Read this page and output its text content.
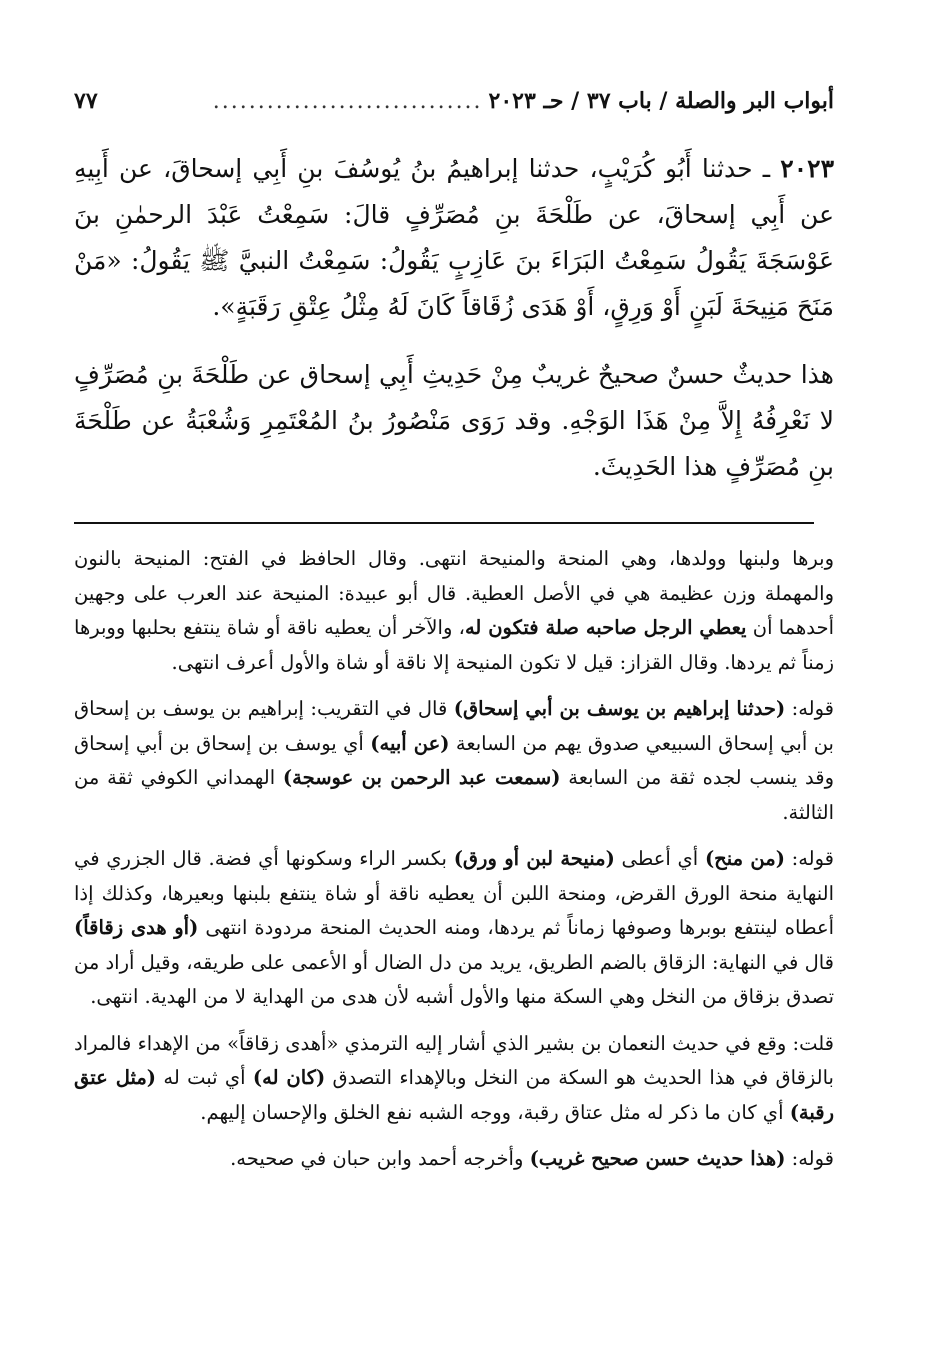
أبواب البر والصلة / باب ٣٧ / حـ ٢٠٢٣
..............................
٧٧

٢٠٢٣ ـ حدثنا أَبُو كُرَيْبٍ، حدثنا إبراهيمُ بنُ يُوسُفَ بنِ أَبِي إسحاقَ، عن أَبِيهِ عن أَبِي إسحاقَ، عن طَلْحَةَ بنِ مُصَرِّفٍ قالَ: سَمِعْتُ عَبْدَ الرحمٰنِ بنَ عَوْسَجَةَ يَقُولُ سَمِعْتُ البَرَاءَ بنَ عَازِبٍ يَقُولُ: سَمِعْتُ النبيَّ ﷺ يَقُولُ: «مَنْ مَنَحَ مَنِيحَةَ لَبَنٍ أَوْ وَرِقٍ، أَوْ هَدَى زُقَاقاً كَانَ لَهُ مِثْلُ عِتْقِ رَقَبَةٍ».

هذا حديثٌ حسنٌ صحيحٌ غريبٌ مِنْ حَدِيثِ أَبِي إسحاق عن طَلْحَةَ بنِ مُصَرِّفٍ لا نَعْرِفُهُ إِلاَّ مِنْ هَذَا الوَجْهِ. وقد رَوَى مَنْصُورُ بنُ المُعْتَمِرِ وَشُعْبَةُ عن طَلْحَةَ بنِ مُصَرِّفٍ هذا الحَدِيثَ.

وبرها ولبنها وولدها، وهي المنحة والمنيحة انتهى. وقال الحافظ في الفتح: المنيحة بالنون والمهملة وزن عظيمة هي في الأصل العطية. قال أبو عبيدة: المنيحة عند العرب على وجهين أحدهما أن يعطي الرجل صاحبه صلة فتكون له، والآخر أن يعطيه ناقة أو شاة ينتفع بحلبها ووبرها زمناً ثم يردها. وقال القزاز: قيل لا تكون المنيحة إلا ناقة أو شاة والأول أعرف انتهى.

قوله: (حدثنا إبراهيم بن يوسف بن أبي إسحاق) قال في التقريب: إبراهيم بن يوسف بن إسحاق بن أبي إسحاق السبيعي صدوق يهم من السابعة (عن أبيه) أي يوسف بن إسحاق بن أبي إسحاق وقد ينسب لجده ثقة من السابعة (سمعت عبد الرحمن بن عوسجة) الهمداني الكوفي ثقة من الثالثة.

قوله: (من منح) أي أعطى (منيحة لبن أو ورق) بكسر الراء وسكونها أي فضة. قال الجزري في النهاية منحة الورق القرض، ومنحة اللبن أن يعطيه ناقة أو شاة ينتفع بلبنها وبعيرها، وكذلك إذا أعطاه لينتفع بوبرها وصوفها زماناً ثم يردها، ومنه الحديث المنحة مردودة انتهى (أو هدى زقاقاً) قال في النهاية: الزقاق بالضم الطريق، يريد من دل الضال أو الأعمى على طريقه، وقيل أراد من تصدق بزقاق من النخل وهي السكة منها والأول أشبه لأن هدى من الهداية لا من الهدية. انتهى.

قلت: وقع في حديث النعمان بن بشير الذي أشار إليه الترمذي «أهدى زقاقاً» من الإهداء فالمراد بالزقاق في هذا الحديث هو السكة من النخل وبالإهداء التصدق (كان له) أي ثبت له (مثل عتق رقبة) أي كان ما ذكر له مثل عتاق رقبة، ووجه الشبه نفع الخلق والإحسان إليهم.

قوله: (هذا حديث حسن صحيح غريب) وأخرجه أحمد وابن حبان في صحيحه.
